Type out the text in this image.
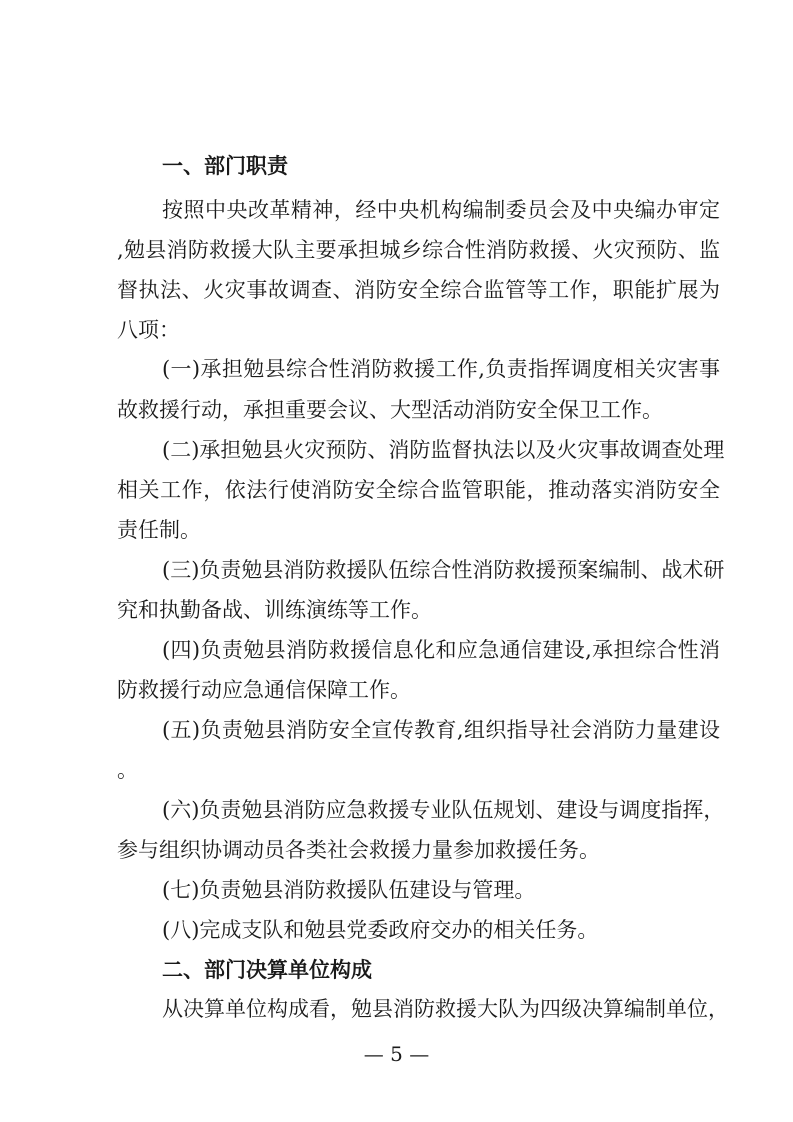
一、部门职责

按照中央改革精神，经中央机构编制委员会及中央编办审定

,勉县消防救援大队主要承担城乡综合性消防救援、火灾预防、监

督执法、火灾事故调查、消防安全综合监管等工作，职能扩展为

八项：

(一)承担勉县综合性消防救援工作,负责指挥调度相关灾害事

故救援行动，承担重要会议、大型活动消防安全保卫工作。

(二)承担勉县火灾预防、消防监督执法以及火灾事故调查处理

相关工作，依法行使消防安全综合监管职能，推动落实消防安全

责任制。

(三)负责勉县消防救援队伍综合性消防救援预案编制、战术研

究和执勤备战、训练演练等工作。

(四)负责勉县消防救援信息化和应急通信建设,承担综合性消

防救援行动应急通信保障工作。

(五)负责勉县消防安全宣传教育,组织指导社会消防力量建设

。

(六)负责勉县消防应急救援专业队伍规划、建设与调度指挥，

参与组织协调动员各类社会救援力量参加救援任务。

(七)负责勉县消防救援队伍建设与管理。

(八)完成支队和勉县党委政府交办的相关任务。

二、部门决算单位构成

从决算单位构成看，勉县消防救援大队为四级决算编制单位，

— 5 —
